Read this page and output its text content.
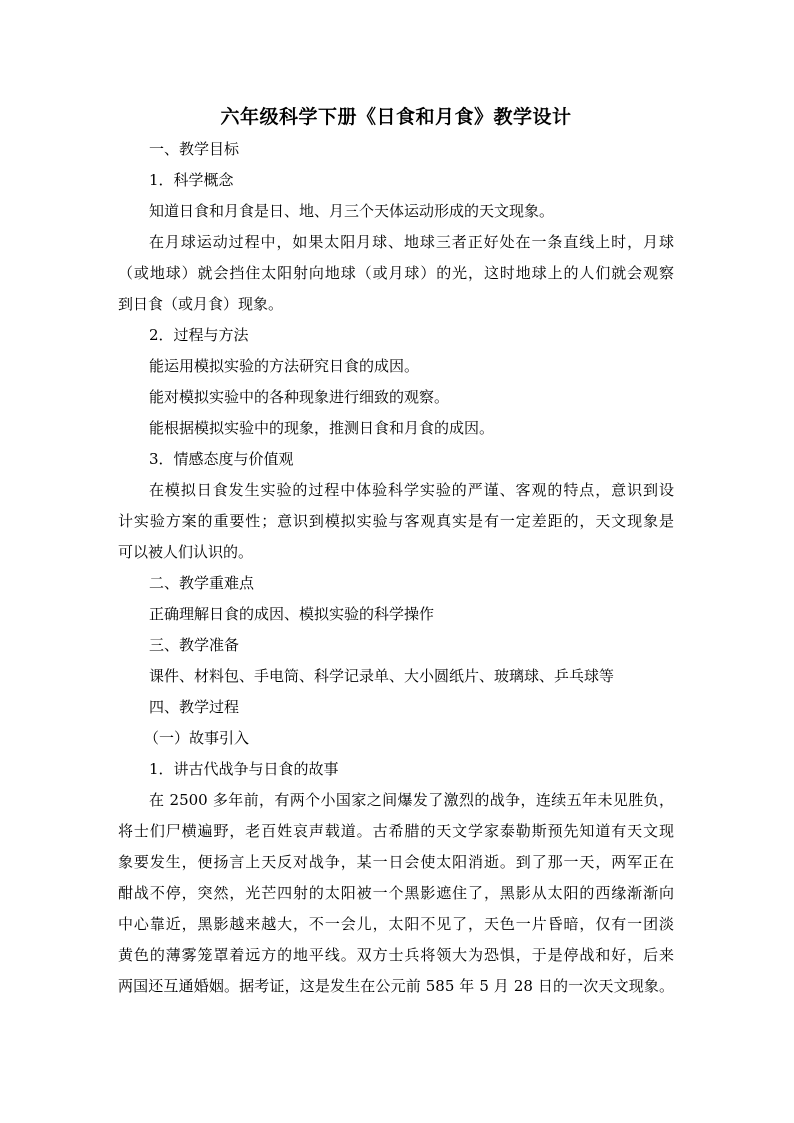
六年级科学下册《日食和月食》教学设计

一、教学目标

1．科学概念

知道日食和月食是日、地、月三个天体运动形成的天文现象。

在月球运动过程中，如果太阳月球、地球三者正好处在一条直线上时，月球

（或地球）就会挡住太阳射向地球（或月球）的光，这时地球上的人们就会观察

到日食（或月食）现象。

2．过程与方法

能运用模拟实验的方法研究日食的成因。

能对模拟实验中的各种现象进行细致的观察。

能根据模拟实验中的现象，推测日食和月食的成因。

3．情感态度与价值观

在模拟日食发生实验的过程中体验科学实验的严谨、客观的特点，意识到设

计实验方案的重要性；意识到模拟实验与客观真实是有一定差距的，天文现象是

可以被人们认识的。

二、教学重难点

正确理解日食的成因、模拟实验的科学操作

三、教学准备

课件、材料包、手电筒、科学记录单、大小圆纸片、玻璃球、乒乓球等

四、教学过程

（一）故事引入

1．讲古代战争与日食的故事

在 2500 多年前，有两个小国家之间爆发了激烈的战争，连续五年未见胜负，

将士们尸横遍野，老百姓哀声载道。古希腊的天文学家泰勒斯预先知道有天文现

象要发生，便扬言上天反对战争，某一日会使太阳消逝。到了那一天，两军正在

酣战不停，突然，光芒四射的太阳被一个黑影遮住了，黑影从太阳的西缘渐渐向

中心靠近，黑影越来越大，不一会儿，太阳不见了，天色一片昏暗，仅有一团淡

黄色的薄雾笼罩着远方的地平线。双方士兵将领大为恐惧，于是停战和好，后来

两国还互通婚姻。据考证，这是发生在公元前 585 年 5 月 28 日的一次天文现象。
